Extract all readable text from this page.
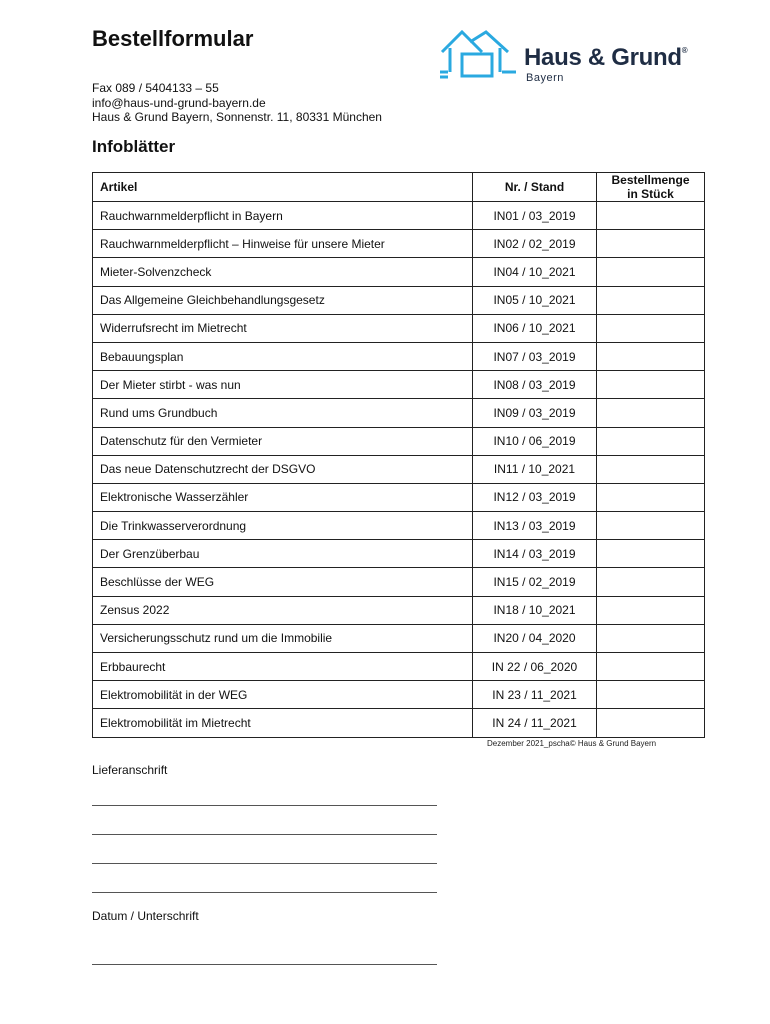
Bestellformular
Fax 089 / 5404133 – 55
info@haus-und-grund-bayern.de
Haus & Grund Bayern, Sonnenstr. 11, 80331 München
Haus & Grund®
Bayern
Infoblätter
Artikel	Nr. / Stand	Bestellmenge
in Stück

Rauchwarnmelderpflicht in Bayern	IN01 / 03_2019	
Rauchwarnmelderpflicht – Hinweise für unsere Mieter	IN02 / 02_2019	
Mieter-Solvenzcheck	IN04 / 10_2021	
Das Allgemeine Gleichbehandlungsgesetz	IN05 / 10_2021	
Widerrufsrecht im Mietrecht	IN06 / 10_2021	
Bebauungsplan	IN07 / 03_2019	
Der Mieter stirbt - was nun	IN08 / 03_2019	
Rund ums Grundbuch	IN09 / 03_2019	
Datenschutz für den Vermieter	IN10 / 06_2019	
Das neue Datenschutzrecht der DSGVO	IN11 / 10_2021	
Elektronische Wasserzähler	IN12 / 03_2019	
Die Trinkwasserverordnung	IN13 / 03_2019	
Der Grenzüberbau	IN14 / 03_2019	
Beschlüsse der WEG	IN15 / 02_2019	
Zensus 2022	IN18 / 10_2021	
Versicherungsschutz rund um die Immobilie	IN20 / 04_2020	
Erbbaurecht	IN 22 / 06_2020	
Elektromobilität in der WEG	IN 23 / 11_2021	
Elektromobilität im Mietrecht	IN 24 / 11_2021	
Dezember 2021_pscha© Haus & Grund Bayern
Lieferanschrift
Datum / Unterschrift
